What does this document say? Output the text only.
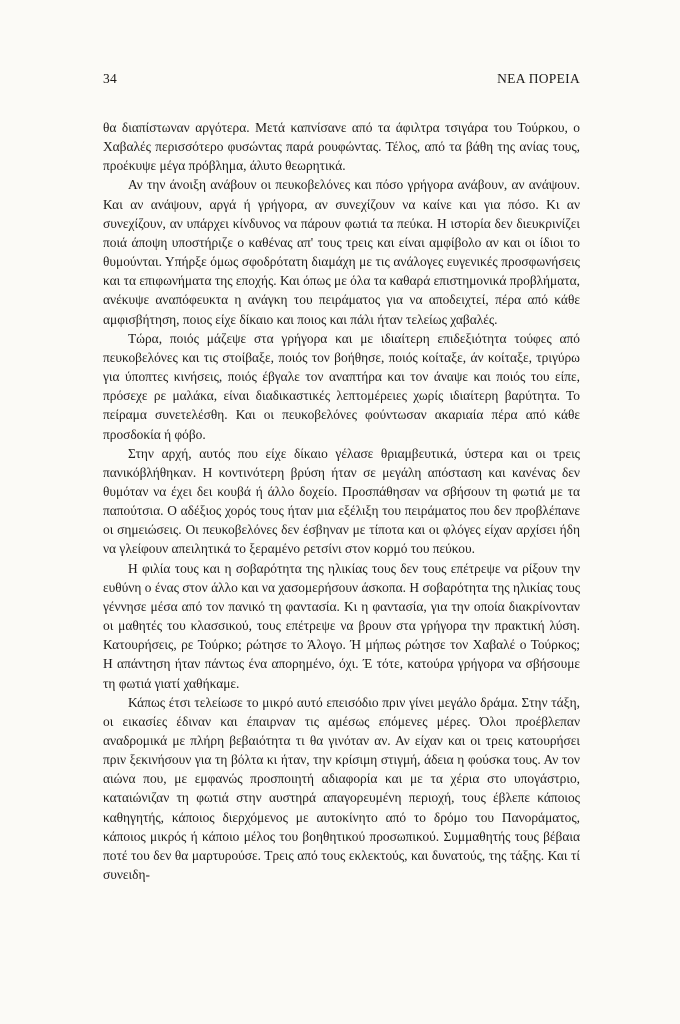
34	ΝΕΑ ΠΟΡΕΙΑ

θα διαπίστωναν αργότερα. Μετά καπνίσανε από τα άφιλτρα τσιγάρα του Τούρκου, ο Χαβαλές περισσότερο φυσώντας παρά ρουφώντας. Τέλος, από τα βάθη της ανίας τους, προέκυψε μέγα πρόβλημα, άλυτο θεωρητικά.

Αν την άνοιξη ανάβουν οι πευκοβελόνες και πόσο γρήγορα ανάβουν, αν ανάψουν. Και αν ανάψουν, αργά ή γρήγορα, αν συνεχίζουν να καίνε και για πόσο. Κι αν συνεχίζουν, αν υπάρχει κίνδυνος να πάρουν φωτιά τα πεύκα. Η ιστορία δεν διευκρινίζει ποιά άποψη υποστήριζε ο καθένας απ' τους τρεις και είναι αμφίβολο αν και οι ίδιοι το θυμούνται. Υπήρξε όμως σφοδρότατη διαμάχη με τις ανάλογες ευγενικές προσφωνήσεις και τα επιφωνήματα της εποχής. Και όπως με όλα τα καθαρά επιστημονικά προβλήματα, ανέκυψε αναπόφευκτα η ανάγκη του πειράματος για να αποδειχτεί, πέρα από κάθε αμφισβήτηση, ποιος είχε δίκαιο και ποιος και πάλι ήταν τελείως χαβαλές.

Τώρα, ποιός μάζεψε στα γρήγορα και με ιδιαίτερη επιδεξιότητα τούφες από πευκοβελόνες και τις στοίβαξε, ποιός τον βοήθησε, ποιός κοίταξε, άν κοίταξε, τριγύρω για ύποπτες κινήσεις, ποιός έβγαλε τον αναπτήρα και τον άναψε και ποιός του είπε, πρόσεχε ρε μαλάκα, είναι διαδικαστικές λεπτομέρειες χωρίς ιδιαίτερη βαρύτητα. Το πείραμα συνετελέσθη. Και οι πευκοβελόνες φούντωσαν ακαριαία πέρα από κάθε προσδοκία ή φόβο.

Στην αρχή, αυτός που είχε δίκαιο γέλασε θριαμβευτικά, ύστερα και οι τρεις πανικόβλήθηκαν. Η κοντινότερη βρύση ήταν σε μεγάλη απόσταση και κανένας δεν θυμόταν να έχει δει κουβά ή άλλο δοχείο. Προσπάθησαν να σβήσουν τη φωτιά με τα παπούτσια. Ο αδέξιος χορός τους ήταν μια εξέλιξη του πειράματος που δεν προβλέπανε οι σημειώσεις. Οι πευκοβελόνες δεν έσβηναν με τίποτα και οι φλόγες είχαν αρχίσει ήδη να γλείφουν απειλητικά το ξεραμένο ρετσίνι στον κορμό του πεύκου.

Η φιλία τους και η σοβαρότητα της ηλικίας τους δεν τους επέτρεψε να ρίξουν την ευθύνη ο ένας στον άλλο και να χασομερήσουν άσκοπα. Η σοβαρότητα της ηλικίας τους γέννησε μέσα από τον πανικό τη φαντασία. Κι η φαντασία, για την οποία διακρίνονταν οι μαθητές του κλασσικού, τους επέτρεψε να βρουν στα γρήγορα την πρακτική λύση. Κατουρήσεις, ρε Τούρκο; ρώτησε το Άλογο. Ή μήπως ρώτησε τον Χαβαλέ ο Τούρκος; Η απάντηση ήταν πάντως ένα απορημένο, όχι. Έ τότε, κατούρα γρήγορα να σβήσουμε τη φωτιά γιατί χαθήκαμε.

Κάπως έτσι τελείωσε το μικρό αυτό επεισόδιο πριν γίνει μεγάλο δράμα. Στην τάξη, οι εικασίες έδιναν και έπαιρναν τις αμέσως επόμενες μέρες. Όλοι προέβλεπαν αναδρομικά με πλήρη βεβαιότητα τι θα γινόταν αν. Αν είχαν και οι τρεις κατουρήσει πριν ξεκινήσουν για τη βόλτα κι ήταν, την κρίσιμη στιγμή, άδεια η φούσκα τους. Αν τον αιώνα που, με εμφανώς προσποιητή αδιαφορία και με τα χέρια στο υπογάστριο, καταιώνιζαν τη φωτιά στην αυστηρά απαγορευμένη περιοχή, τους έβλεπε κάποιος καθηγητής, κάποιος διερχόμενος με αυτοκίνητο από το δρόμο του Πανοράματος, κάποιος μικρός ή κάποιο μέλος του βοηθητικού προσωπικού. Συμμαθητής τους βέβαια ποτέ του δεν θα μαρτυρούσε. Τρεις από τους εκλεκτούς, και δυνατούς, της τάξης. Και τί συνειδη-
